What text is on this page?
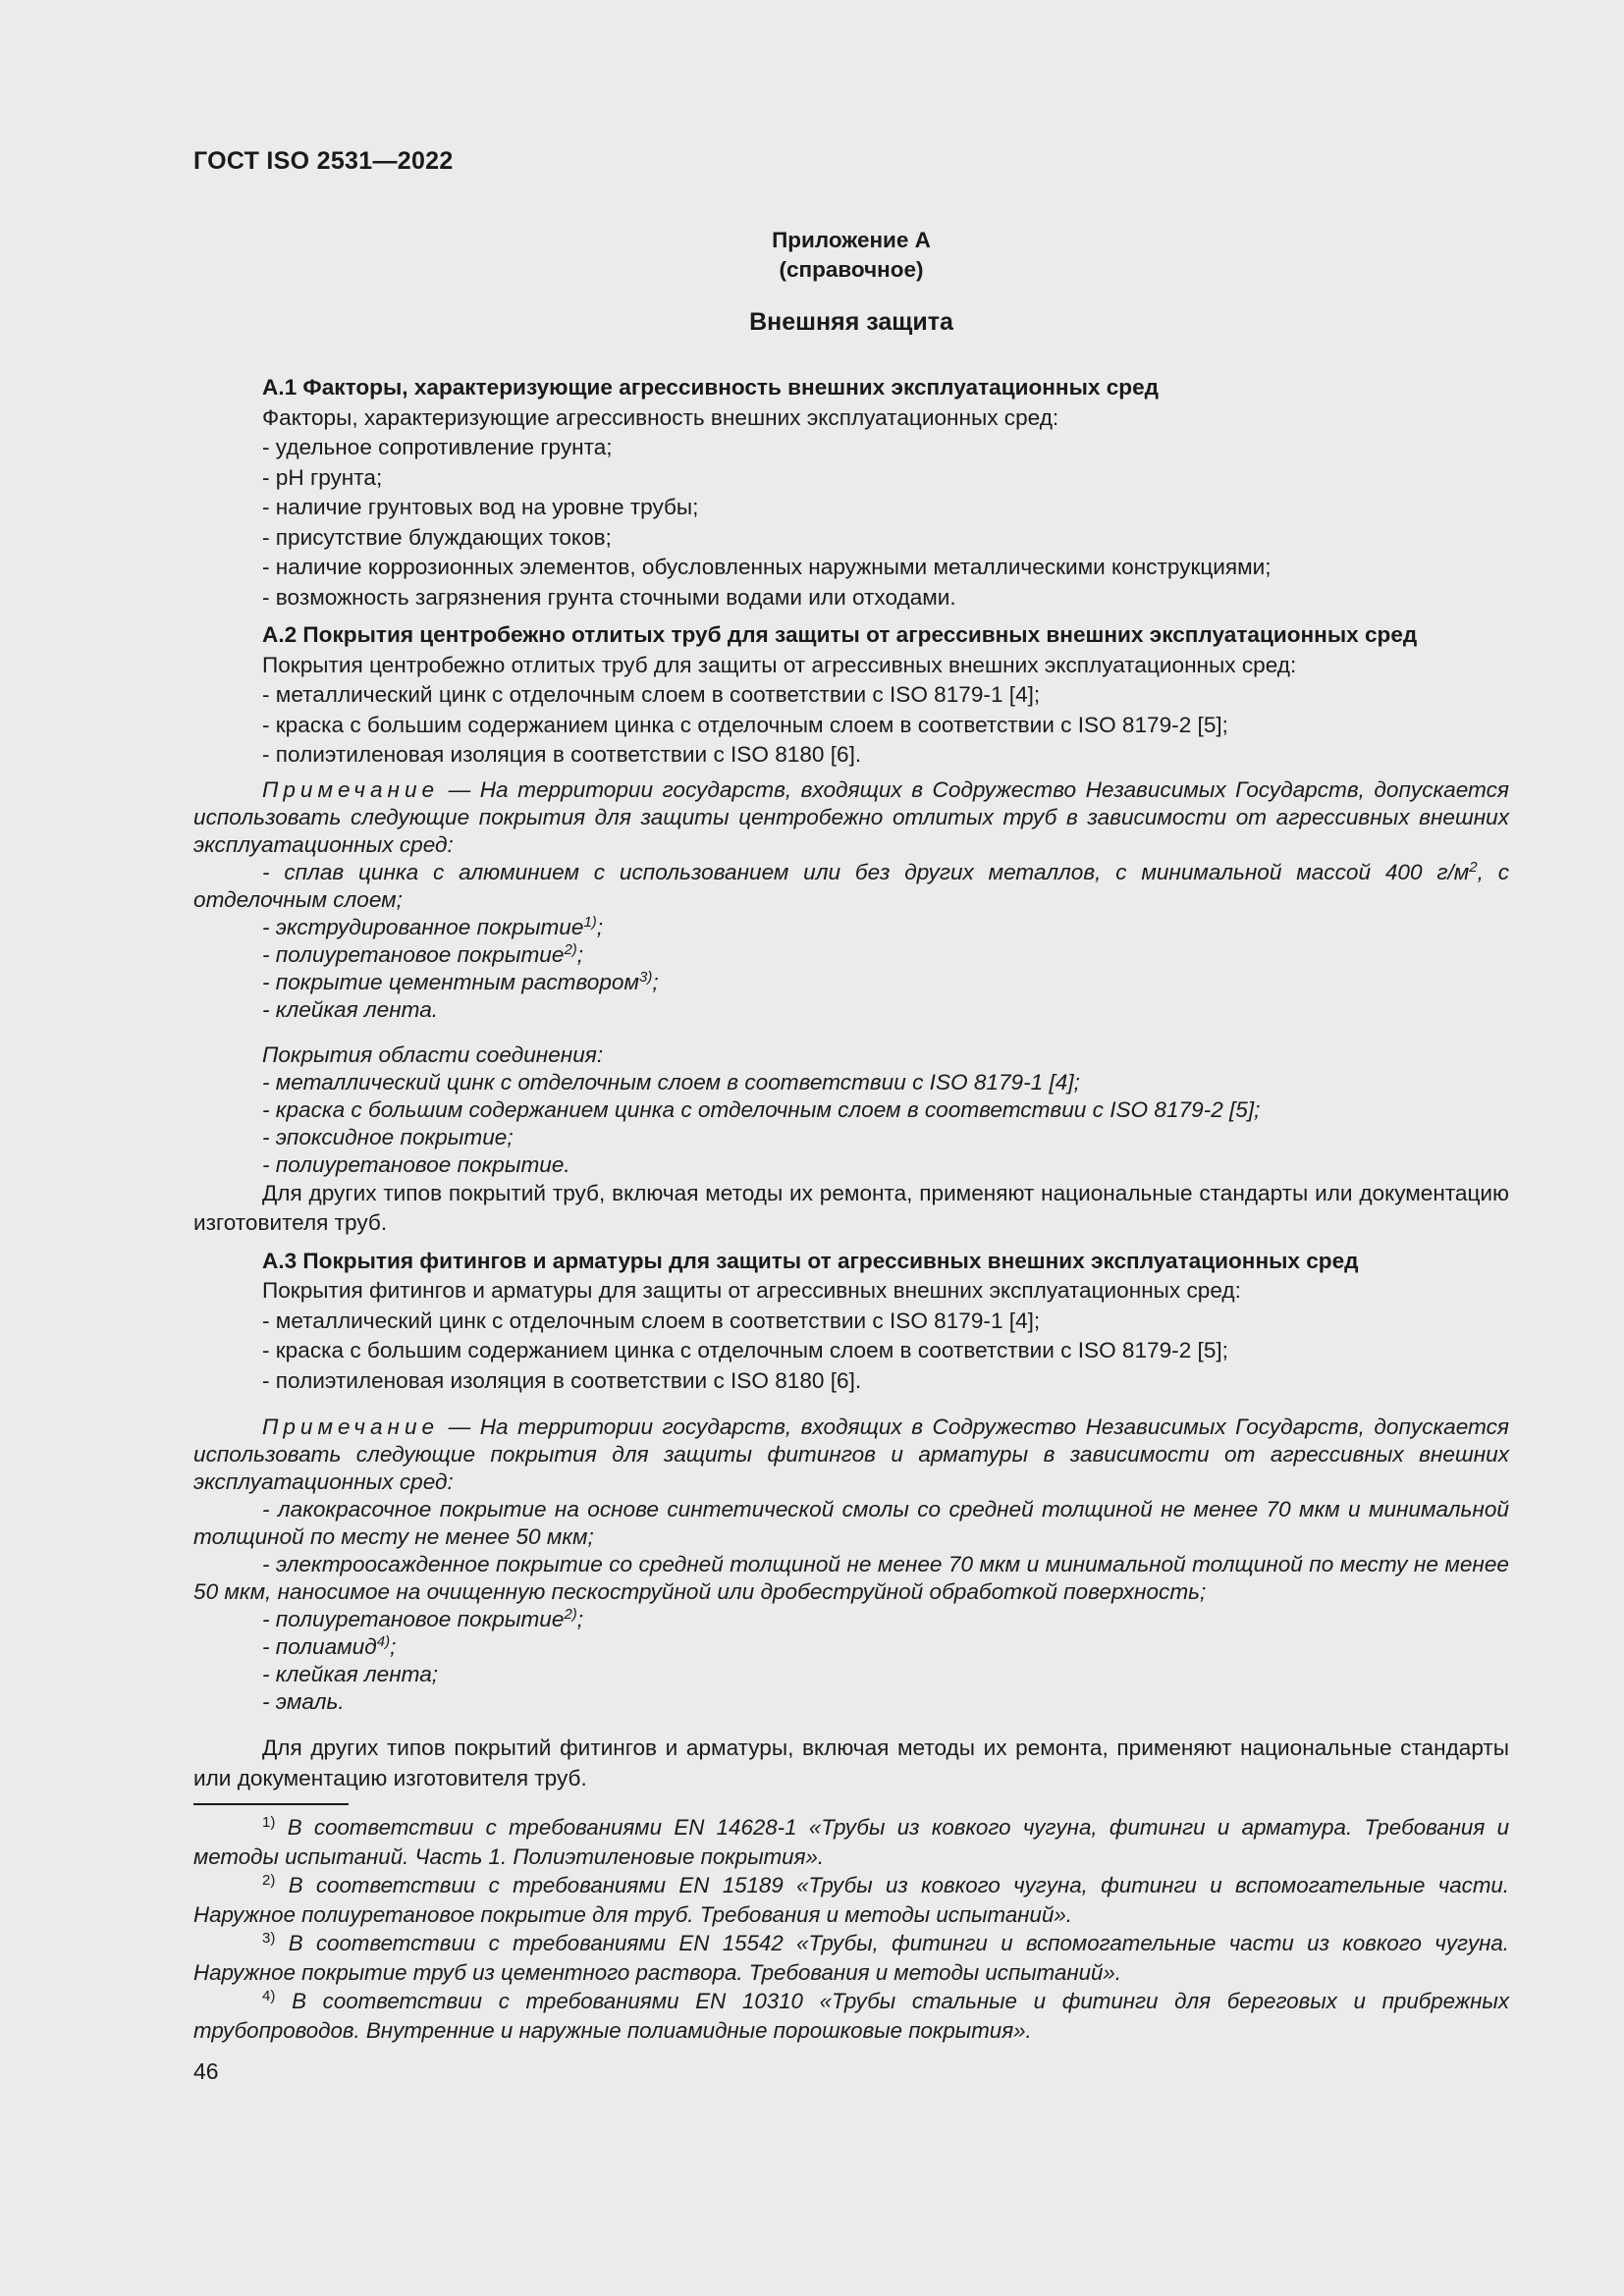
ГОСТ ISO 2531—2022
Приложение А
(справочное)
Внешняя защита

А.1 Факторы, характеризующие агрессивность внешних эксплуатационных сред

Факторы, характеризующие агрессивность внешних эксплуатационных сред:

- удельное сопротивление грунта;

- рН грунта;

- наличие грунтовых вод на уровне трубы;

- присутствие блуждающих токов;

- наличие коррозионных элементов, обусловленных наружными металлическими конструкциями;

- возможность загрязнения грунта сточными водами или отходами.

А.2 Покрытия центробежно отлитых труб для защиты от агрессивных внешних эксплуатационных сред

Покрытия центробежно отлитых труб для защиты от агрессивных внешних эксплуатационных сред:

- металлический цинк с отделочным слоем в соответствии с ISO 8179-1 [4];

- краска с большим содержанием цинка с отделочным слоем в соответствии с ISO 8179-2 [5];

- полиэтиленовая изоляция в соответствии с ISO 8180 [6].

Примечание — На территории государств, входящих в Содружество Независимых Государств, допускается использовать следующие покрытия для защиты центробежно отлитых труб в зависимости от агрессивных внешних эксплуатационных сред:

- сплав цинка с алюминием с использованием или без других металлов, с минимальной массой 400 $г/м^2$, с отделочным слоем;

- экструдированное покрытие$^{1)}$;

- полиуретановое покрытие$^{2)}$;

- покрытие цементным раствором$^{3)}$;

- клейкая лента.

Покрытия области соединения:

- металлический цинк с отделочным слоем в соответствии с ISO 8179-1 [4];

- краска с большим содержанием цинка с отделочным слоем в соответствии с ISO 8179-2 [5];

- эпоксидное покрытие;

- полиуретановое покрытие.

Для других типов покрытий труб, включая методы их ремонта, применяют национальные стандарты или документацию изготовителя труб.

А.3 Покрытия фитингов и арматуры для защиты от агрессивных внешних эксплуатационных сред

Покрытия фитингов и арматуры для защиты от агрессивных внешних эксплуатационных сред:

- металлический цинк с отделочным слоем в соответствии с ISO 8179-1 [4];

- краска с большим содержанием цинка с отделочным слоем в соответствии с ISO 8179-2 [5];

- полиэтиленовая изоляция в соответствии с ISO 8180 [6].

Примечание — На территории государств, входящих в Содружество Независимых Государств, допускается использовать следующие покрытия для защиты фитингов и арматуры в зависимости от агрессивных внешних эксплуатационных сред:

- лакокрасочное покрытие на основе синтетической смолы со средней толщиной не менее 70 мкм и минимальной толщиной по месту не менее 50 мкм;

- электроосажденное покрытие со средней толщиной не менее 70 мкм и минимальной толщиной по месту не менее 50 мкм, наносимое на очищенную пескоструйной или дробеструйной обработкой поверхность;

- полиуретановое покрытие$^{2)}$;

- полиамид$^{4)}$;

- клейкая лента;

- эмаль.

Для других типов покрытий фитингов и арматуры, включая методы их ремонта, применяют национальные стандарты или документацию изготовителя труб.

$^{1)}$ В соответствии с требованиями EN 14628-1 «Трубы из ковкого чугуна, фитинги и арматура. Требования и методы испытаний. Часть 1. Полиэтиленовые покрытия».

$^{2)}$ В соответствии с требованиями EN 15189 «Трубы из ковкого чугуна, фитинги и вспомогательные части. Наружное полиуретановое покрытие для труб. Требования и методы испытаний».

$^{3)}$ В соответствии с требованиями EN 15542 «Трубы, фитинги и вспомогательные части из ковкого чугуна. Наружное покрытие труб из цементного раствора. Требования и методы испытаний».

$^{4)}$ В соответствии с требованиями EN 10310 «Трубы стальные и фитинги для береговых и прибрежных трубопроводов. Внутренние и наружные полиамидные порошковые покрытия».

46
